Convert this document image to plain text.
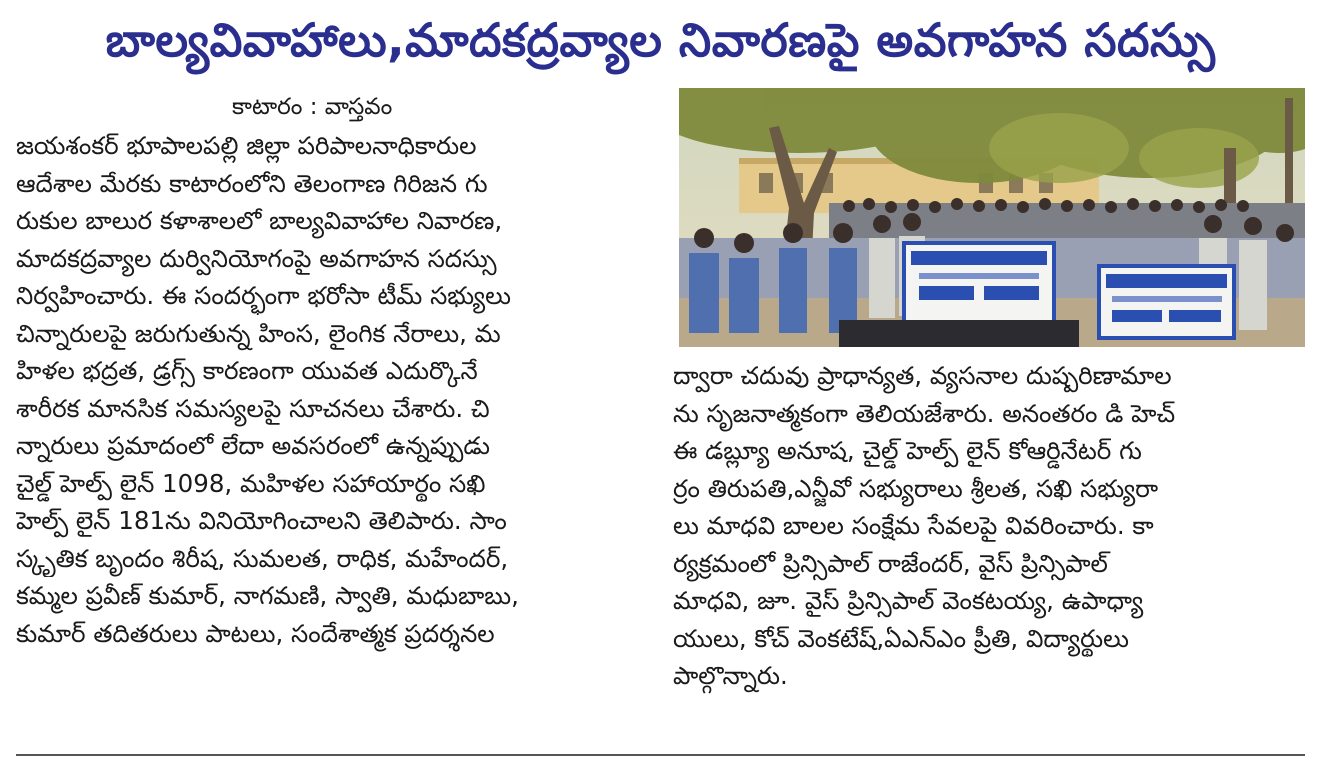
బాల్యవివాహాలు,మాదకద్రవ్యాల నివారణపై అవగాహన సదస్సు
కాటారం : వాస్తవం
జయశంకర్ భూపాలపల్లి జిల్లా పరిపాలనాధికారుల
ఆదేశాల మేరకు కాటారంలోని తెలంగాణ గిరిజన గు
రుకుల బాలుర కళాశాలలో బాల్యవివాహాల నివారణ,
మాదకద్రవ్యాల దుర్వినియోగంపై అవగాహన సదస్సు
నిర్వహించారు. ఈ సందర్భంగా భరోసా టీమ్ సభ్యులు
చిన్నారులపై జరుగుతున్న హింస, లైంగిక నేరాలు, మ
హిళల భద్రత, డ్రగ్స్ కారణంగా యువత ఎదుర్కొనే
శారీరక మానసిక సమస్యలపై సూచనలు చేశారు. చి
న్నారులు ప్రమాదంలో లేదా అవసరంలో ఉన్నప్పుడు
చైల్డ్ హెల్ప్ లైన్ 1098, మహిళల సహాయార్థం సఖి
హెల్ప్ లైన్ 181ను వినియోగించాలని తెలిపారు. సాం
స్కృతిక బృందం శిరీష, సుమలత, రాధిక, మహేందర్,
కమ్మల ప్రవీణ్ కుమార్, నాగమణి, స్వాతి, మధుబాబు,
కుమార్ తదితరులు పాటలు, సందేశాత్మక ప్రదర్శనల
ద్వారా చదువు ప్రాధాన్యత, వ్యసనాల దుష్పరిణామాల
ను సృజనాత్మకంగా తెలియజేశారు. అనంతరం డి హెచ్
ఈ డబ్ల్యూ అనూష, చైల్డ్ హెల్ప్ లైన్ కోఆర్డినేటర్ గు
ర్రం తిరుపతి,ఎన్జీవో సభ్యురాలు శ్రీలత, సఖి సభ్యురా
లు మాధవి బాలల సంక్షేమ సేవలపై వివరించారు. కా
ర్యక్రమంలో ప్రిన్సిపాల్ రాజేందర్, వైస్ ప్రిన్సిపాల్
మాధవి, జూ. వైస్ ప్రిన్సిపాల్ వెంకటయ్య, ఉపాధ్యా
యులు, కోచ్ వెంకటేష్,ఏఎన్ఎం ప్రీతి, విద్యార్థులు
పాల్గొన్నారు.
